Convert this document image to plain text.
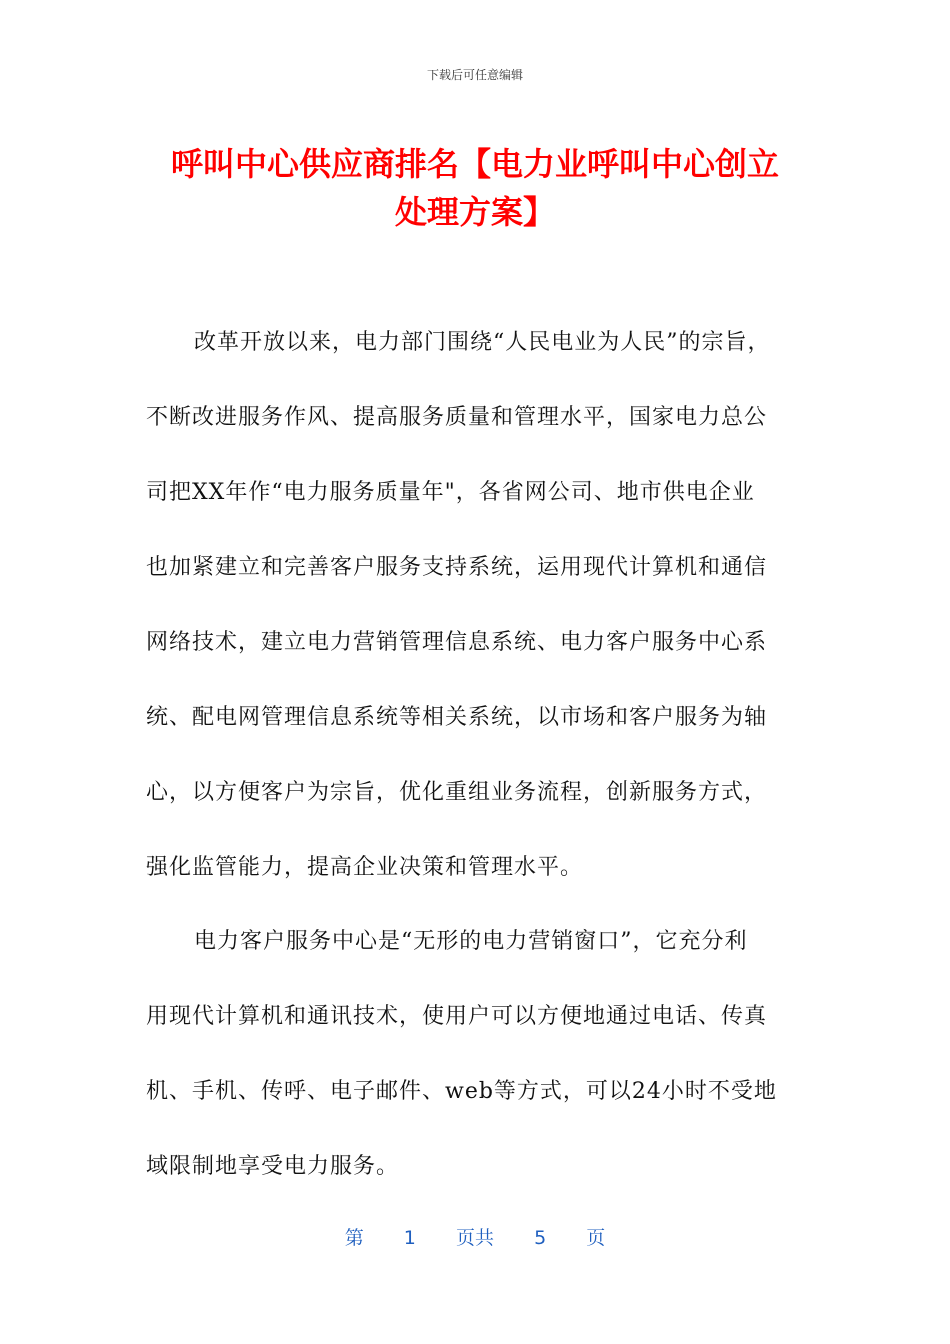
下载后可任意编辑
呼叫中心供应商排名【电力业呼叫中心创立
处理方案】
改革开放以来，电力部门围绕“人民电业为人民”的宗旨，
不断改进服务作风、提高服务质量和管理水平，国家电力总公
司把XX年作“电力服务质量年"，各省网公司、地市供电企业
也加紧建立和完善客户服务支持系统，运用现代计算机和通信
网络技术，建立电力营销管理信息系统、电力客户服务中心系
统、配电网管理信息系统等相关系统，以市场和客户服务为轴
心，以方便客户为宗旨，优化重组业务流程，创新服务方式，
强化监管能力，提高企业决策和管理水平。
电力客户服务中心是“无形的电力营销窗口”，它充分利
用现代计算机和通讯技术，使用户可以方便地通过电话、传真
机、手机、传呼、电子邮件、web等方式，可以24小时不受地
域限制地享受电力服务。
第 1 页共 5 页
